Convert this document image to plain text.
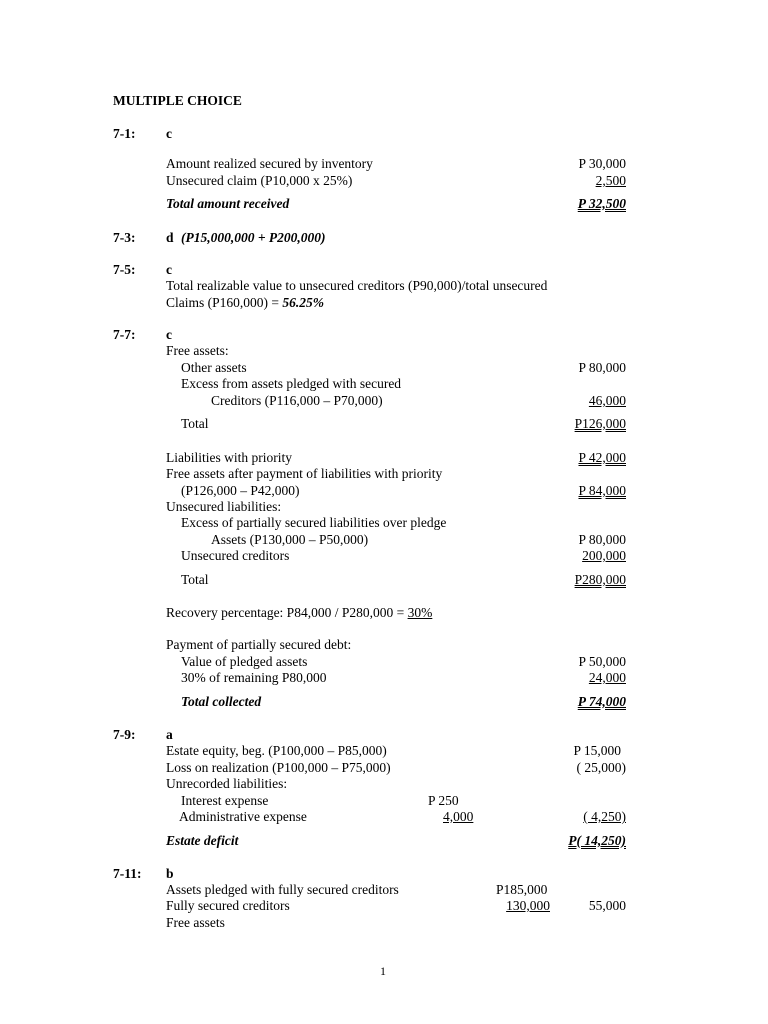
MULTIPLE CHOICE
7-1: c
Amount realized secured by inventory	P 30,000
Unsecured claim (P10,000 x 25%)	2,500
Total amount received	P 32,500
7-3: d (P15,000,000 + P200,000)
7-5: c
Total realizable value to unsecured creditors (P90,000)/total unsecured
Claims (P160,000) = 56.25%
7-7: c
Free assets:
Other assets	P 80,000
Excess from assets pledged with secured
Creditors (P116,000 – P70,000)	46,000
Total	P126,000
Liabilities with priority	P 42,000
Free assets after payment of liabilities with priority
(P126,000 – P42,000)	P 84,000
Unsecured liabilities:
Excess of partially secured liabilities over pledge
Assets (P130,000 – P50,000)	P 80,000
Unsecured creditors	200,000
Total	P280,000
Recovery percentage: P84,000 / P280,000 = 30%
Payment of partially secured debt:
Value of pledged assets	P 50,000
30% of remaining P80,000	24,000
Total collected	P 74,000
7-9: a
Estate equity, beg. (P100,000 – P85,000)	P 15,000
Loss on realization (P100,000 – P75,000)	( 25,000)
Unrecorded liabilities:
Interest expense	P 250
Administrative expense	4,000	( 4,250)
Estate deficit	P( 14,250)
7-11: b
Assets pledged with fully secured creditors	P185,000
Fully secured creditors	130,000	55,000
Free assets
1
